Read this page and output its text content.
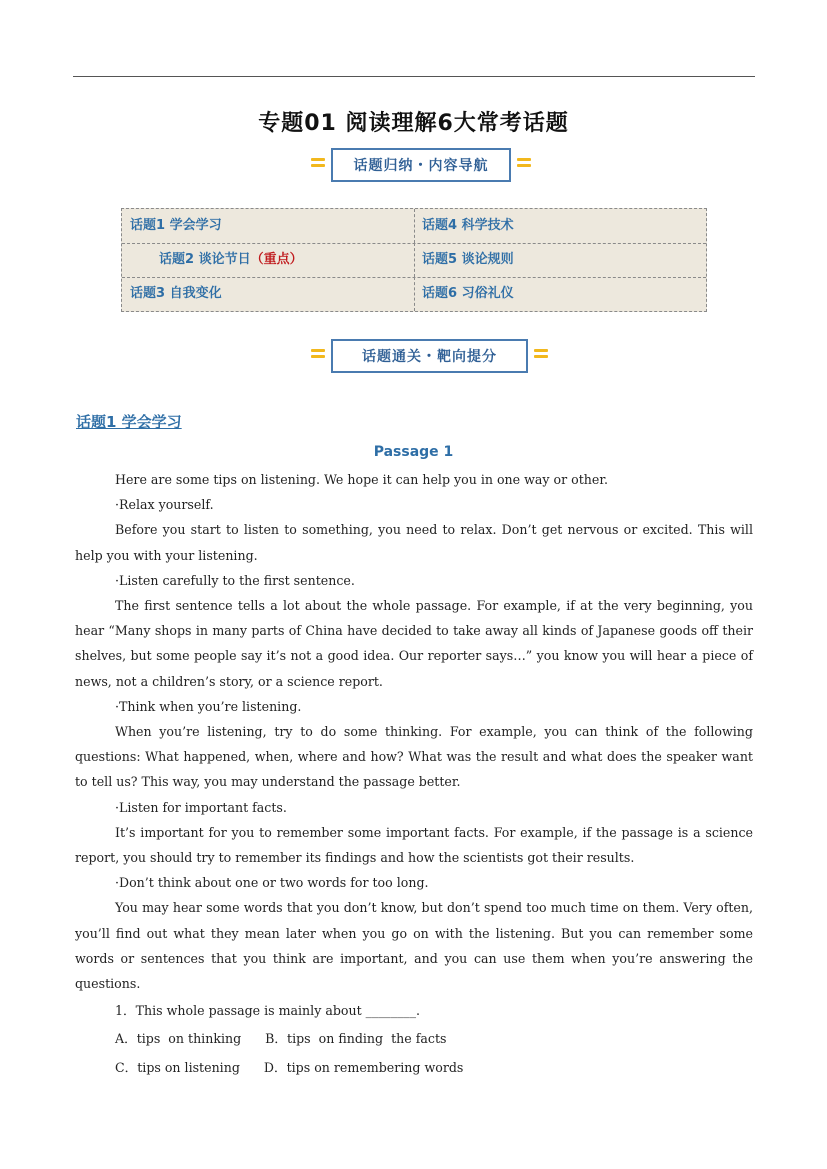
专题01 阅读理解6大常考话题
话题归纳・内容导航
话题1 学会学习	话题4 科学技术
话题2 谈论节日（重点）	话题5 谈论规则
话题3 自我变化	话题6 习俗礼仪
话题通关・靶向提分
话题1 学会学习
Passage 1

Here are some tips on listening. We hope it can help you in one way or other.

·Relax yourself.

Before you start to listen to something, you need to relax. Don’t get nervous or excited. This will help you with your listening.

·Listen carefully to the first sentence.

The first sentence tells a lot about the whole passage. For example, if at the very beginning, you hear “Many shops in many parts of China have decided to take away all kinds of Japanese goods off their shelves, but some people say it’s not a good idea. Our reporter says…” you know you will hear a piece of news, not a children’s story, or a science report.

·Think when you’re listening.

When you’re listening, try to do some thinking. For example, you can think of the following questions: What happened, when, where and how? What was the result and what does the speaker want to tell us? This way, you may understand the passage better.

·Listen for important facts.

It’s important for you to remember some important facts. For example, if the passage is a science report, you should try to remember its findings and how the scientists got their results.

·Don’t think about one or two words for too long.

You may hear some words that you don’t know, but don’t spend too much time on them. Very often, you’ll find out what they mean later when you go on with the listening. But you can remember some words or sentences that you think are important, and you can use them when you’re answering the questions.

1．This whole passage is mainly about ________.

A．tips  on thinking      B．tips  on finding  the facts

C．tips on listening      D．tips on remembering words
